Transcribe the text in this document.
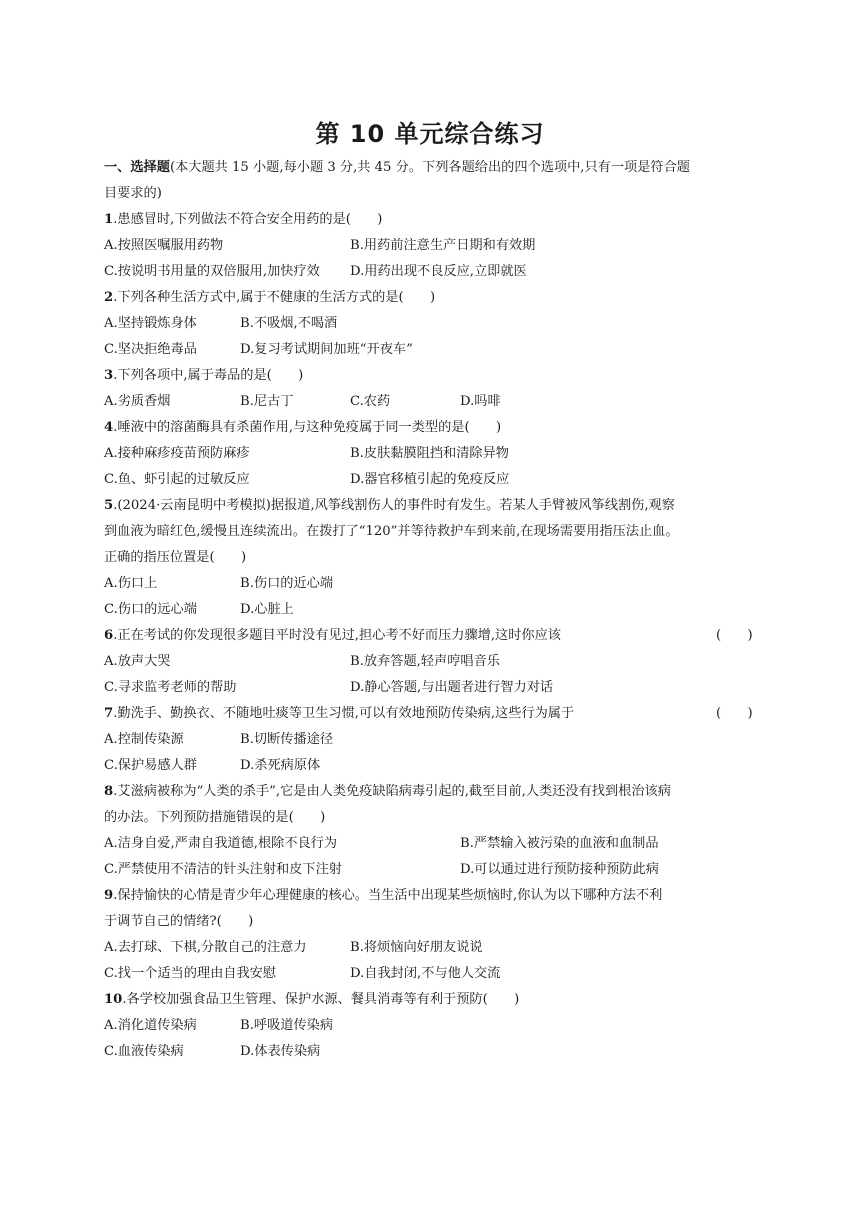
第 10 单元综合练习
一、选择题(本大题共 15 小题,每小题 3 分,共 45 分。下列各题给出的四个选项中,只有一项是符合题
目要求的)
1.患感冒时,下列做法不符合安全用药的是(　　)
A.按照医嘱服用药物	B.用药前注意生产日期和有效期
C.按说明书用量的双倍服用,加快疗效 D.用药出现不良反应,立即就医
2.下列各种生活方式中,属于不健康的生活方式的是(　　)
A.坚持锻炼身体	B.不吸烟,不喝酒
C.坚决拒绝毒品	D.复习考试期间加班“开夜车”
3.下列各项中,属于毒品的是(　　)
A.劣质香烟	B.尼古丁	C.农药	D.吗啡
4.唾液中的溶菌酶具有杀菌作用,与这种免疫属于同一类型的是(　　)
A.接种麻疹疫苗预防麻疹	B.皮肤黏膜阻挡和清除异物
C.鱼、虾引起的过敏反应	D.器官移植引起的免疫反应
5.(2024·云南昆明中考模拟)据报道,风筝线割伤人的事件时有发生。若某人手臂被风筝线割伤,观察
到血液为暗红色,缓慢且连续流出。在拨打了“120”并等待救护车到来前,在现场需要用指压法止血。
正确的指压位置是(　　)
A.伤口上	B.伤口的近心端
C.伤口的远心端	D.心脏上
6.正在考试的你发现很多题目平时没有见过,担心考不好而压力骤增,这时你应该	(　　)
A.放声大哭	B.放弃答题,轻声哼唱音乐
C.寻求监考老师的帮助	D.静心答题,与出题者进行智力对话
7.勤洗手、勤换衣、不随地吐痰等卫生习惯,可以有效地预防传染病,这些行为属于	(　　)
A.控制传染源	B.切断传播途径
C.保护易感人群	D.杀死病原体
8.艾滋病被称为“人类的杀手”,它是由人类免疫缺陷病毒引起的,截至目前,人类还没有找到根治该病
的办法。下列预防措施错误的是(　　)
A.洁身自爱,严肃自我道德,根除不良行为	B.严禁输入被污染的血液和血制品
C.严禁使用不清洁的针头注射和皮下注射	D.可以通过进行预防接种预防此病
9.保持愉快的心情是青少年心理健康的核心。当生活中出现某些烦恼时,你认为以下哪种方法不利
于调节自己的情绪?(　　)
A.去打球、下棋,分散自己的注意力	B.将烦恼向好朋友说说
C.找一个适当的理由自我安慰	D.自我封闭,不与他人交流
10.各学校加强食品卫生管理、保护水源、餐具消毒等有利于预防(　　)
A.消化道传染病	B.呼吸道传染病
C.血液传染病	D.体表传染病
